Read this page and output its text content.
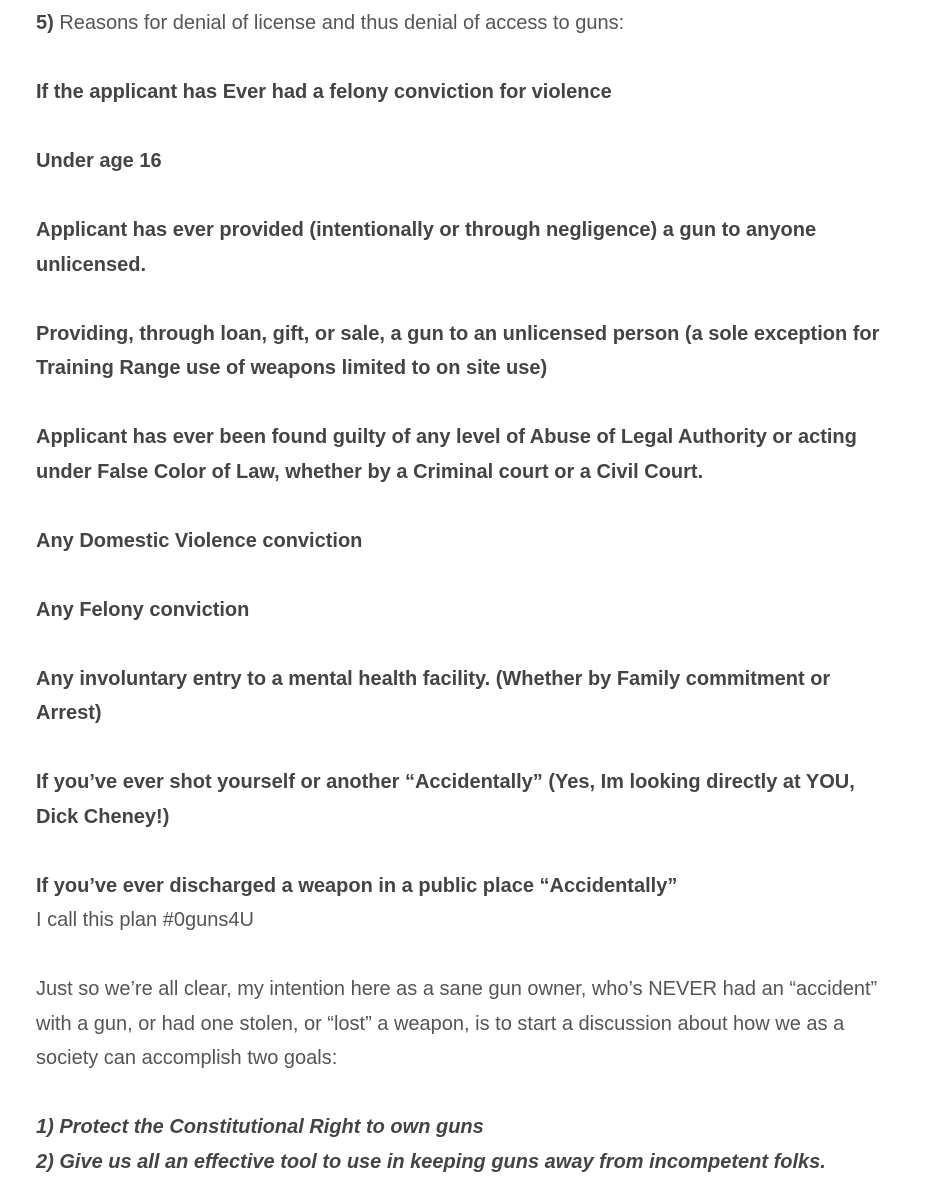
5) Reasons for denial of license and thus denial of access to guns:

If the applicant has Ever had a felony conviction for violence

Under age 16

Applicant has ever provided (intentionally or through negligence) a gun to anyone

unlicensed.

Providing, through loan, gift, or sale, a gun to an unlicensed person (a sole exception for

Training Range use of weapons limited to on site use)

Applicant has ever been found guilty of any level of Abuse of Legal Authority or acting

under False Color of Law, whether by a Criminal court or a Civil Court.

Any Domestic Violence conviction

Any Felony conviction

Any involuntary entry to a mental health facility. (Whether by Family commitment or

Arrest)

If you’ve ever shot yourself or another “Accidentally” (Yes, Im looking directly at YOU,

Dick Cheney!)

If you’ve ever discharged a weapon in a public place “Accidentally”

I call this plan #0guns4U

Just so we’re all clear, my intention here as a sane gun owner, who’s NEVER had an “accident”

with a gun, or had one stolen, or “lost” a weapon, is to start a discussion about how we as a

society can accomplish two goals:

1) Protect the Constitutional Right to own guns

2) Give us all an effective tool to use in keeping guns away from incompetent folks.
